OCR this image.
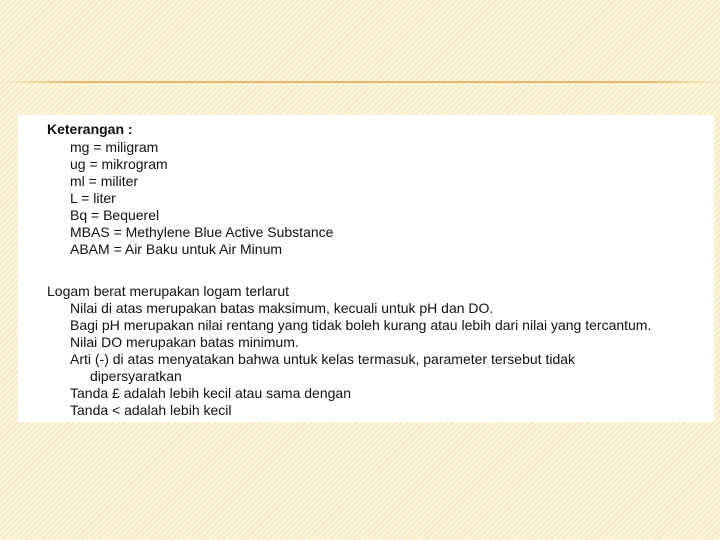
Keterangan :
mg = miligram
ug = mikrogram
ml = militer
L = liter
Bq = Bequerel
MBAS = Methylene Blue Active Substance
ABAM = Air Baku untuk Air Minum
Logam berat merupakan logam terlarut
Nilai di atas merupakan batas maksimum, kecuali untuk pH dan DO.
Bagi pH merupakan nilai rentang yang tidak boleh kurang atau lebih dari nilai yang tercantum.
Nilai DO merupakan batas minimum.
Arti (-) di atas menyatakan bahwa untuk kelas termasuk, parameter tersebut tidak
dipersyaratkan
Tanda £ adalah lebih kecil atau sama dengan
Tanda < adalah lebih kecil
